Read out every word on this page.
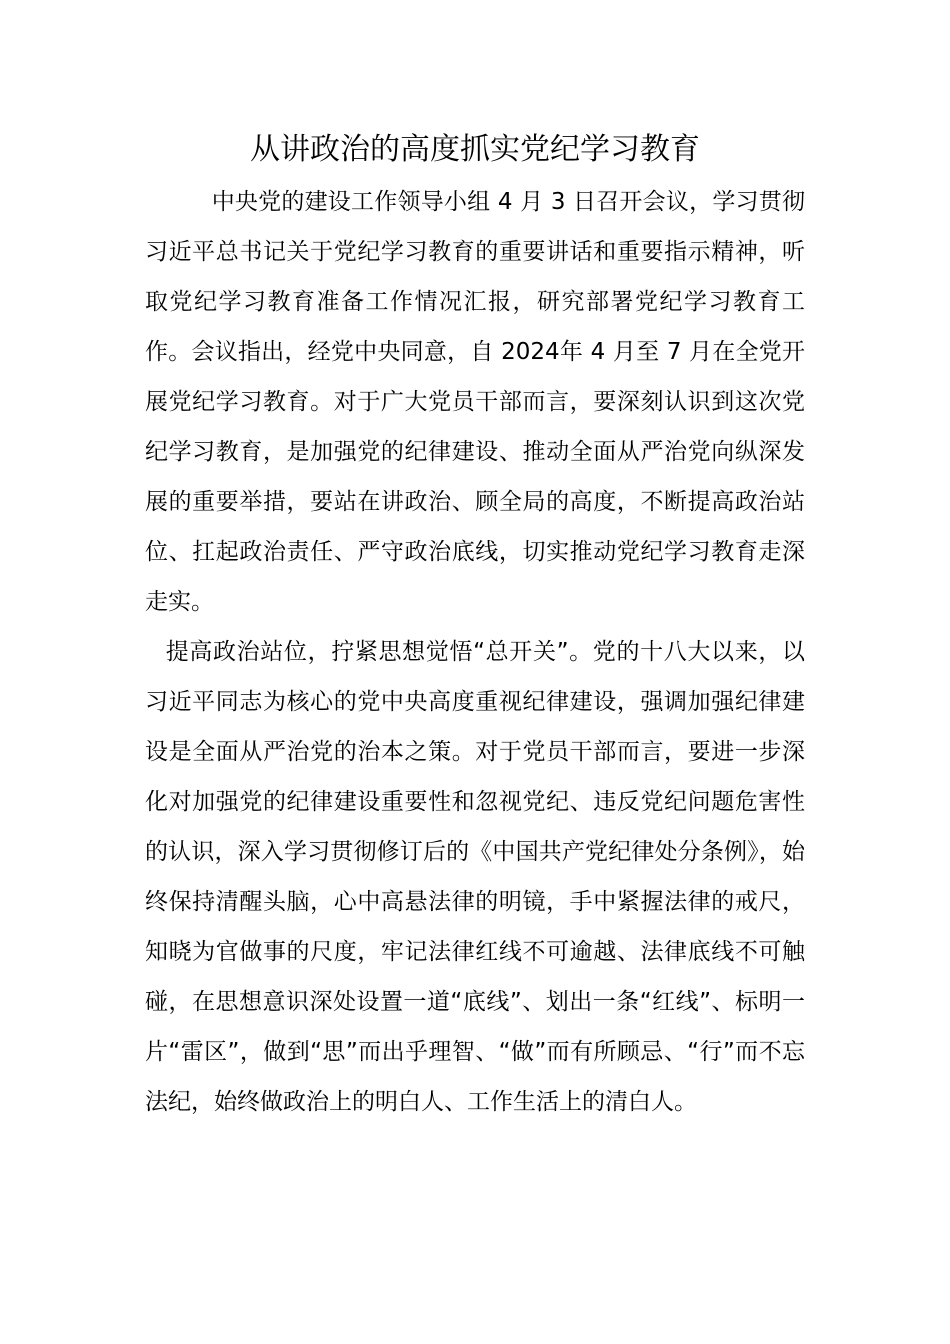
从讲政治的高度抓实党纪学习教育

中央党的建设工作领导小组 4 月 3 日召开会议，学习贯彻习近平总书记关于党纪学习教育的重要讲话和重要指示精神，听取党纪学习教育准备工作情况汇报，研究部署党纪学习教育工作。会议指出，经党中央同意，自 2024年 4 月至 7 月在全党开展党纪学习教育。对于广大党员干部而言，要深刻认识到这次党纪学习教育，是加强党的纪律建设、推动全面从严治党向纵深发展的重要举措，要站在讲政治、顾全局的高度，不断提高政治站位、扛起政治责任、严守政治底线，切实推动党纪学习教育走深走实。

提高政治站位，拧紧思想觉悟“总开关”。党的十八大以来，以习近平同志为核心的党中央高度重视纪律建设，强调加强纪律建设是全面从严治党的治本之策。对于党员干部而言，要进一步深化对加强党的纪律建设重要性和忽视党纪、违反党纪问题危害性的认识，深入学习贯彻修订后的《中国共产党纪律处分条例》，始终保持清醒头脑，心中高悬法律的明镜，手中紧握法律的戒尺，知晓为官做事的尺度，牢记法律红线不可逾越、法律底线不可触碰，在思想意识深处设置一道“底线”、划出一条“红线”、标明一片“雷区”，做到“思”而出乎理智、“做”而有所顾忌、“行”而不忘法纪，始终做政治上的明白人、工作生活上的清白人。
